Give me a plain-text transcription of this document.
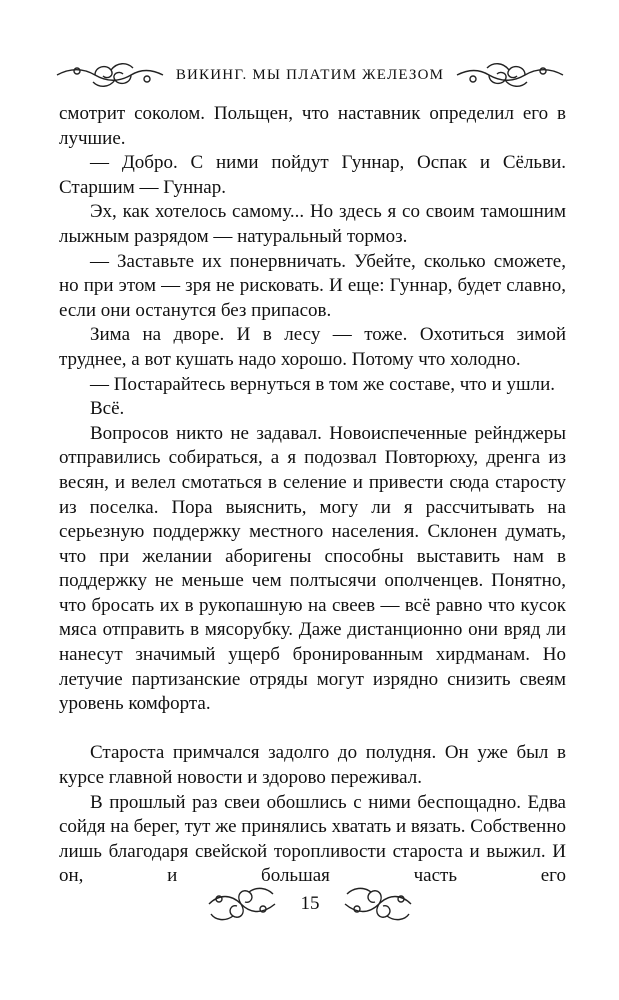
ВИКИНГ. МЫ ПЛАТИМ ЖЕЛЕЗОМ

смотрит соколом. Польщен, что наставник определил его в лучшие.

— Добро. С ними пойдут Гуннар, Оспак и Сёльви. Старшим — Гуннар.

Эх, как хотелось самому... Но здесь я со своим тамошним лыжным разрядом — натуральный тормоз.

— Заставьте их понервничать. Убейте, сколько сможете, но при этом — зря не рисковать. И еще: Гуннар, будет славно, если они останутся без припасов.

Зима на дворе. И в лесу — тоже. Охотиться зимой труднее, а вот кушать надо хорошо. Потому что холодно.

— Постарайтесь вернуться в том же составе, что и ушли.

Всё.

Вопросов никто не задавал. Новоиспеченные рейнджеры отправились собираться, а я подозвал Повторюху, дренга из весян, и велел смотаться в селение и привести сюда старосту из поселка. Пора выяснить, могу ли я рассчитывать на серьезную поддержку местного населения. Склонен думать, что при желании аборигены способны выставить нам в поддержку не меньше чем полтысячи ополченцев. Понятно, что бросать их в рукопашную на свеев — всё равно что кусок мяса отправить в мясорубку. Даже дистанционно они вряд ли нанесут значимый ущерб бронированным хирдманам. Но летучие партизанские отряды могут изрядно снизить свеям уровень комфорта.

Староста примчался задолго до полудня. Он уже был в курсе главной новости и здорово переживал.

В прошлый раз свеи обошлись с ними беспощадно. Едва сойдя на берег, тут же принялись хватать и вязать. Собственно лишь благодаря свейской торопливости староста и выжил. И он, и большая часть его

15
